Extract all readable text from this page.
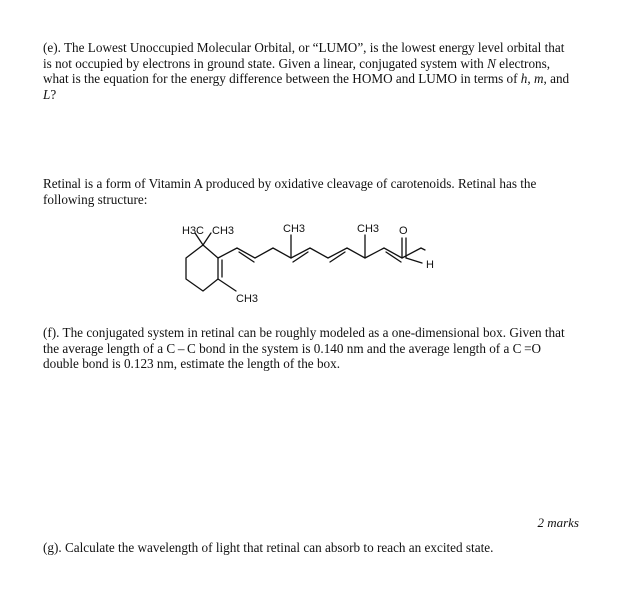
(e). The Lowest Unoccupied Molecular Orbital, or “LUMO”, is the lowest energy level orbital that is not occupied by electrons in ground state. Given a linear, conjugated system with N electrons, what is the equation for the energy difference between the HOMO and LUMO in terms of h, m, and L?

Retinal is a form of Vitamin A produced by oxidative cleavage of carotenoids. Retinal has the following structure:

H3C CH3	CH3	CH3 O
H
CH3

(f). The conjugated system in retinal can be roughly modeled as a one-dimensional box. Given that the average length of a C – C bond in the system is 0.140 nm and the average length of a C =O double bond is 0.123 nm, estimate the length of the box.

2 marks

(g). Calculate the wavelength of light that retinal can absorb to reach an excited state.
